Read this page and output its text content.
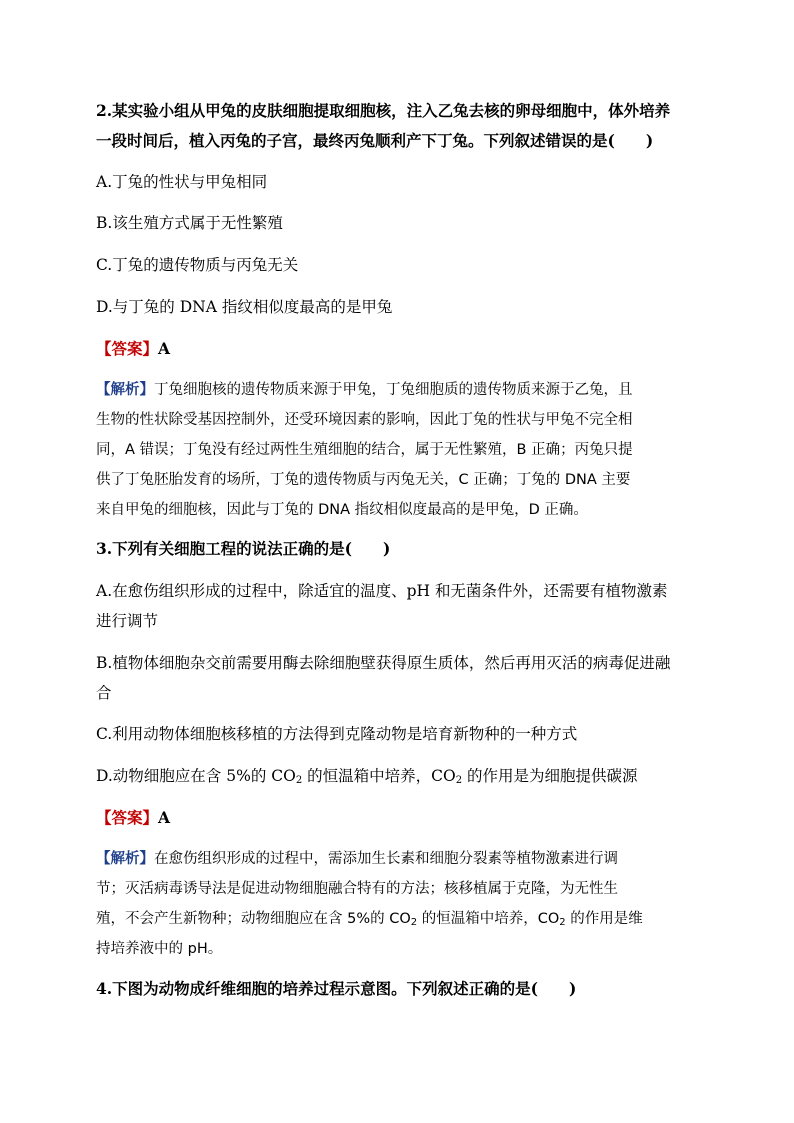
2.某实验小组从甲兔的皮肤细胞提取细胞核，注入乙兔去核的卵母细胞中，体外培养
一段时间后，植入丙兔的子宫，最终丙兔顺利产下丁兔。下列叙述错误的是(　　)
A.丁兔的性状与甲兔相同
B.该生殖方式属于无性繁殖
C.丁兔的遗传物质与丙兔无关
D.与丁兔的 DNA 指纹相似度最高的是甲兔
【答案】A
【解析】丁兔细胞核的遗传物质来源于甲兔，丁兔细胞质的遗传物质来源于乙兔，且
生物的性状除受基因控制外，还受环境因素的影响，因此丁兔的性状与甲兔不完全相
同，A 错误；丁兔没有经过两性生殖细胞的结合，属于无性繁殖，B 正确；丙兔只提
供了丁兔胚胎发育的场所，丁兔的遗传物质与丙兔无关，C 正确；丁兔的 DNA 主要
来自甲兔的细胞核，因此与丁兔的 DNA 指纹相似度最高的是甲兔，D 正确。
3.下列有关细胞工程的说法正确的是(　　)
A.在愈伤组织形成的过程中，除适宜的温度、pH 和无菌条件外，还需要有植物激素
进行调节
B.植物体细胞杂交前需要用酶去除细胞壁获得原生质体，然后再用灭活的病毒促进融
合
C.利用动物体细胞核移植的方法得到克隆动物是培育新物种的一种方式
D.动物细胞应在含 5%的 $CO_2$ 的恒温箱中培养，$CO_2$ 的作用是为细胞提供碳源
【答案】A
【解析】在愈伤组织形成的过程中，需添加生长素和细胞分裂素等植物激素进行调
节；灭活病毒诱导法是促进动物细胞融合特有的方法；核移植属于克隆，为无性生
殖，不会产生新物种；动物细胞应在含 5%的 $CO_2$ 的恒温箱中培养，$CO_2$ 的作用是维
持培养液中的 pH。
4.下图为动物成纤维细胞的培养过程示意图。下列叙述正确的是(　　)
